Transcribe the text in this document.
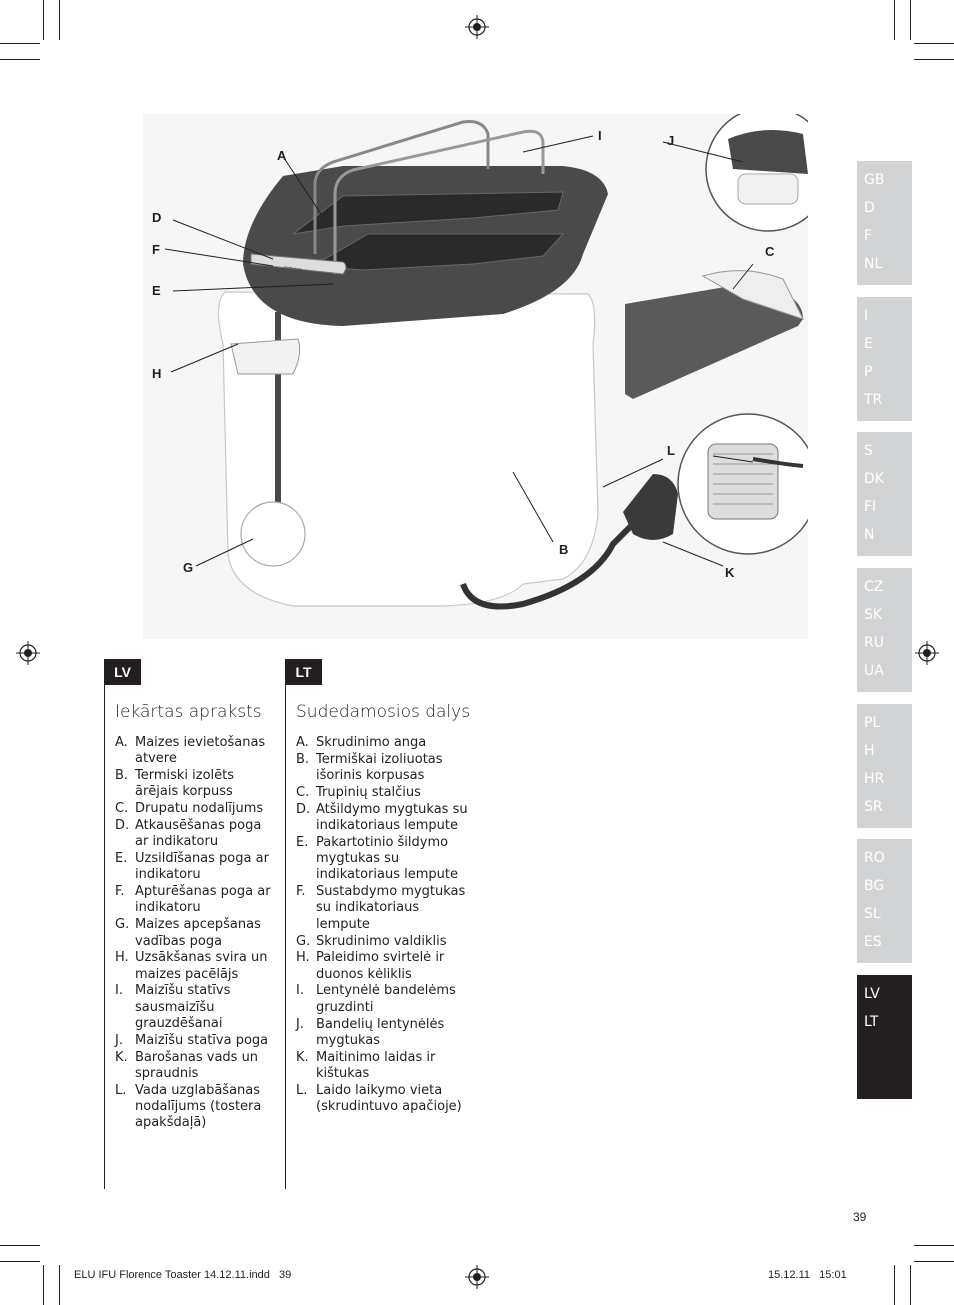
STOP
A
B
C
D
E
F
G
H
I	J
K
L
GB
D
F
NL
I
E
P
TR
S
DK
FI
N
CZ
SK
RU
UA
PL
H
HR
SR
RO
BG
SL
ES
LV
LT
LV
Iekārtas apraksts
A. Maizes ievietošanas atvere
B. Termiski izolēts ārējais korpuss
C. Drupatu nodalījums
D. Atkausēšanas poga ar indikatoru
E. Uzsildīšanas poga ar indikatoru
F. Apturēšanas poga ar indikatoru
G. Maizes apcepšanas vadības poga
H. Uzsākšanas svira un maizes pacēlājs
I. Maizīšu statīvs sausmaizīšu grauzdēšanai
J. Maizīšu statīva poga
K. Barošanas vads un spraudnis
L. Vada uzglabāšanas nodalījums (tostera apakšdaļā)
LT
Sudedamosios dalys
A. Skrudinimo anga
B. Termiškai izoliuotas išorinis korpusas
C. Trupinių stalčius
D. Atšildymo mygtukas su indikatoriaus lempute
E. Pakartotinio šildymo mygtukas su indikatoriaus lempute
F. Sustabdymo mygtukas su indikatoriaus lempute
G. Skrudinimo valdiklis
H. Paleidimo svirtelė ir duonos kėliklis
I. Lentynėlė bandelėms gruzdinti
J. Bandelių lentynėlės mygtukas
K. Maitinimo laidas ir kištukas
L. Laido laikymo vieta (skrudintuvo apačioje)
39
ELU IFU Florence Toaster 14.12.11.indd   39	15.12.11   15:01
